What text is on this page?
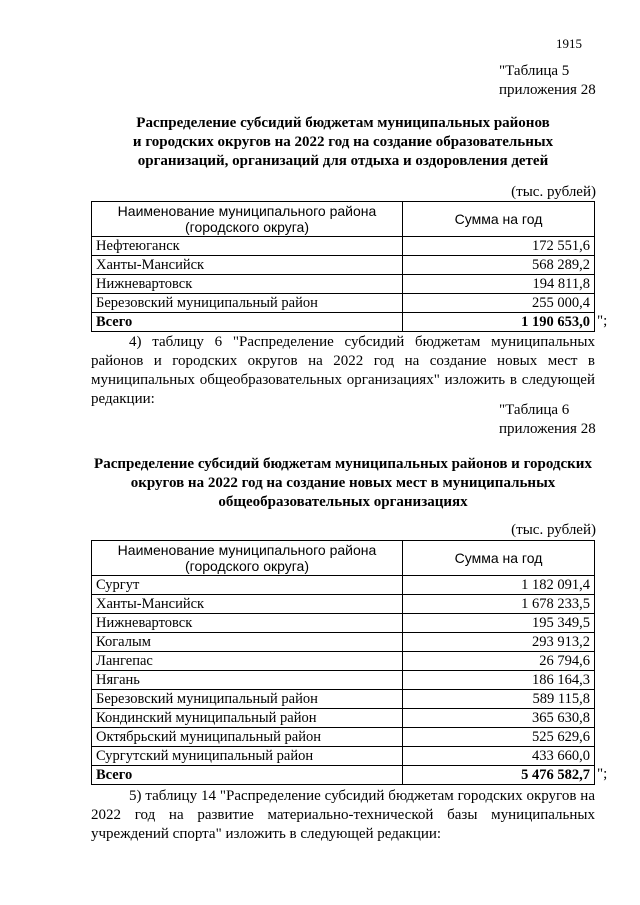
1915
"Таблица 5
приложения 28
Распределение субсидий бюджетам муниципальных районов
и городских округов на 2022 год на создание образовательных
организаций, организаций для отдыха и оздоровления детей
(тыс. рублей)
Наименование муниципального района (городского округа)	Сумма на год
Нефтеюганск	172 551,6
Ханты-Мансийск	568 289,2
Нижневартовск	194 811,8
Березовский муниципальный район	255 000,4
Всего	1 190 653,0 ";
4) таблицу 6 "Распределение субсидий бюджетам муниципальных районов и городских округов на 2022 год на создание новых мест в муниципальных общеобразовательных организациях" изложить в следующей редакции:
"Таблица 6
приложения 28
Распределение субсидий бюджетам муниципальных районов и городских
округов на 2022 год на создание новых мест в муниципальных
общеобразовательных организациях
(тыс. рублей)
Наименование муниципального района (городского округа)	Сумма на год
Сургут	1 182 091,4
Ханты-Мансийск	1 678 233,5
Нижневартовск	195 349,5
Когалым	293 913,2
Лангепас	26 794,6
Нягань	186 164,3
Березовский муниципальный район	589 115,8
Кондинский муниципальный район	365 630,8
Октябрьский муниципальный район	525 629,6
Сургутский муниципальный район	433 660,0
Всего	5 476 582,7 ";
5) таблицу 14 "Распределение субсидий бюджетам городских округов на 2022 год на развитие материально-технической базы муниципальных учреждений спорта" изложить в следующей редакции:
